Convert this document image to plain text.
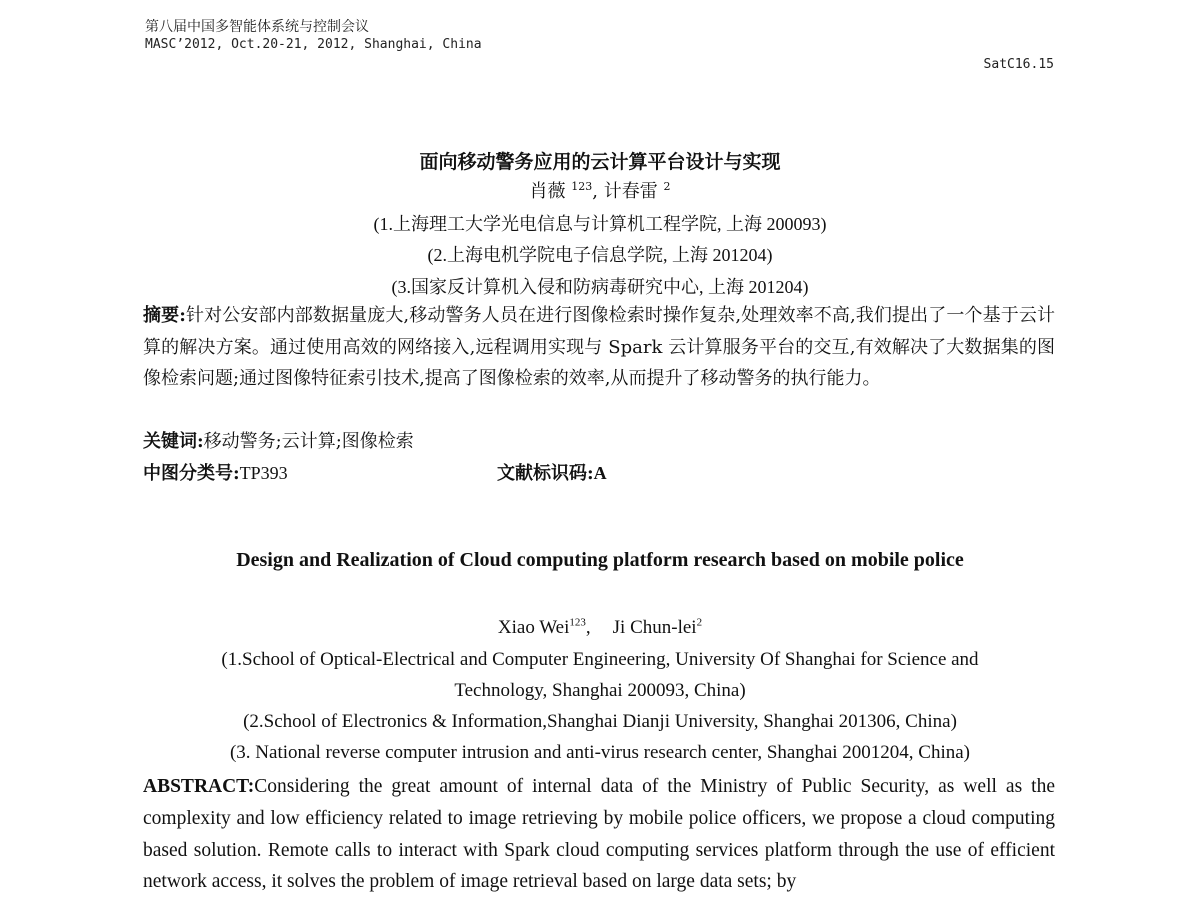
第八届中国多智能体系统与控制会议
MASC’2012, Oct.20-21, 2012, Shanghai, China
SatC16.15
面向移动警务应用的云计算平台设计与实现
肖薇 $^{123}$, 计春雷 $^2$
(1.上海理工大学光电信息与计算机工程学院, 上海 200093)
(2.上海电机学院电子信息学院, 上海 201204)
(3.国家反计算机入侵和防病毒研究中心, 上海 201204)
摘要:针对公安部内部数据量庞大,移动警务人员在进行图像检索时操作复杂,处理效率不高,我们提出了一个基于云计算的解决方案。通过使用高效的网络接入,远程调用实现与 Spark 云计算服务平台的交互,有效解决了大数据集的图像检索问题;通过图像特征索引技术,提高了图像检索的效率,从而提升了移动警务的执行能力。
关键词:移动警务;云计算;图像检索
中图分类号:TP393	文献标识码:A
Design and Realization of Cloud computing platform research based on mobile police
Xiao Wei$^{123}$, Ji Chun-lei$^2$
(1.School of Optical-Electrical and Computer Engineering, University Of Shanghai for Science and
Technology, Shanghai 200093, China)
(2.School of Electronics & Information,Shanghai Dianji University, Shanghai 201306, China)
(3. National reverse computer intrusion and anti-virus research center, Shanghai 2001204, China)
ABSTRACT:Considering the great amount of internal data of the Ministry of Public Security, as well as the complexity and low efficiency related to image retrieving by mobile police officers, we propose a cloud computing based solution. Remote calls to interact with Spark cloud computing services platform through the use of efficient network access, it solves the problem of image retrieval based on large data sets; by
